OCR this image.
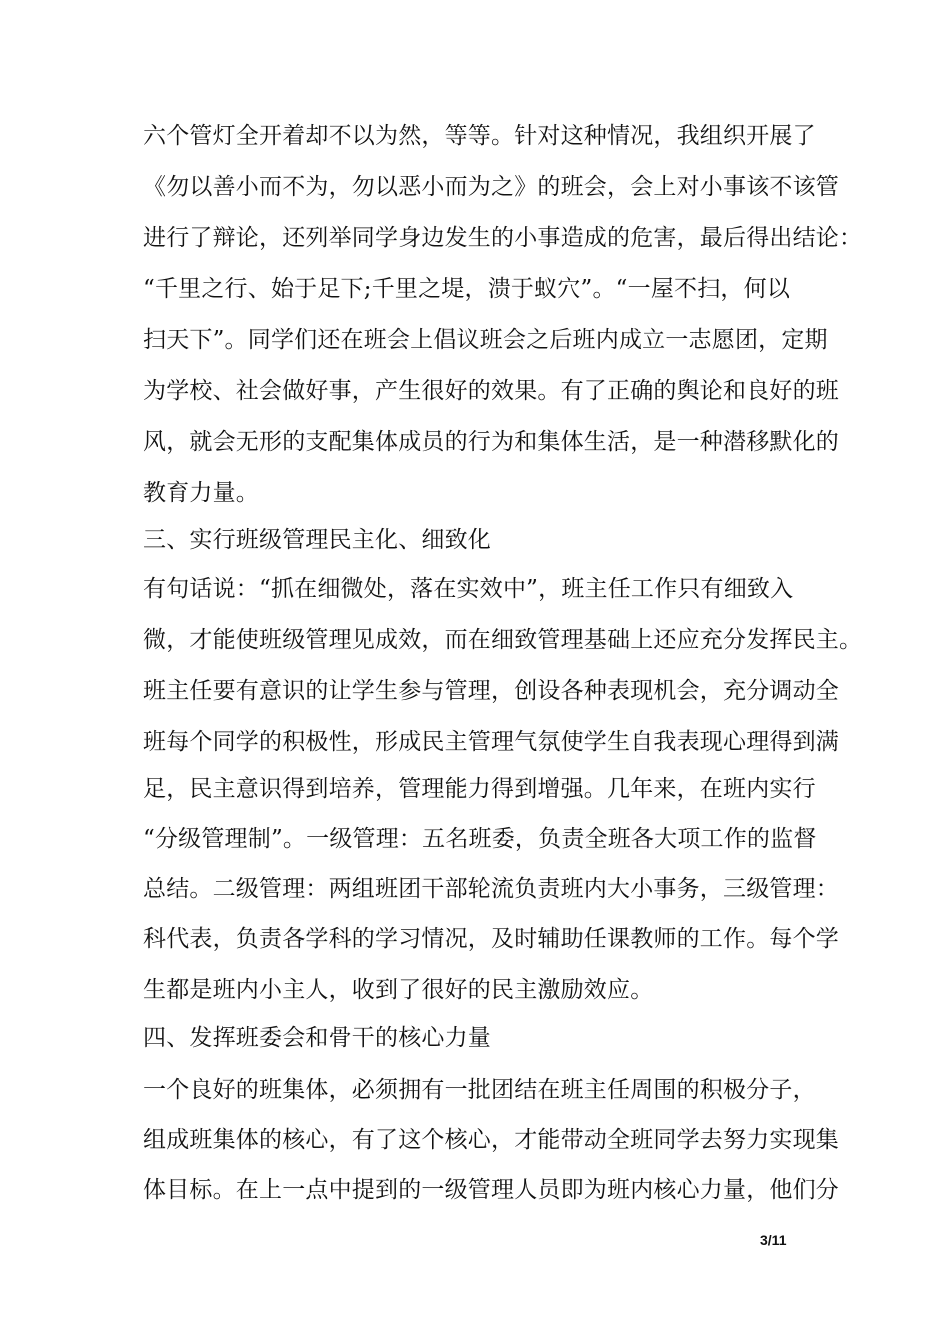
六个管灯全开着却不以为然，等等。针对这种情况，我组织开展了
《勿以善小而不为，勿以恶小而为之》的班会，会上对小事该不该管
进行了辩论，还列举同学身边发生的小事造成的危害，最后得出结论：
“千里之行、始于足下;千里之堤，溃于蚁穴”。“一屋不扫，何以
扫天下”。同学们还在班会上倡议班会之后班内成立一志愿团，定期
为学校、社会做好事，产生很好的效果。有了正确的舆论和良好的班
风，就会无形的支配集体成员的行为和集体生活，是一种潜移默化的
教育力量。
三、实行班级管理民主化、细致化
有句话说：“抓在细微处，落在实效中”，班主任工作只有细致入
微，才能使班级管理见成效，而在细致管理基础上还应充分发挥民主。
班主任要有意识的让学生参与管理，创设各种表现机会，充分调动全
班每个同学的积极性，形成民主管理气氛使学生自我表现心理得到满
足，民主意识得到培养，管理能力得到增强。几年来，在班内实行
“分级管理制”。一级管理：五名班委，负责全班各大项工作的监督
总结。二级管理：两组班团干部轮流负责班内大小事务，三级管理：
科代表，负责各学科的学习情况，及时辅助任课教师的工作。每个学
生都是班内小主人，收到了很好的民主激励效应。
四、发挥班委会和骨干的核心力量
一个良好的班集体，必须拥有一批团结在班主任周围的积极分子，
组成班集体的核心，有了这个核心，才能带动全班同学去努力实现集
体目标。在上一点中提到的一级管理人员即为班内核心力量，他们分
3/11
